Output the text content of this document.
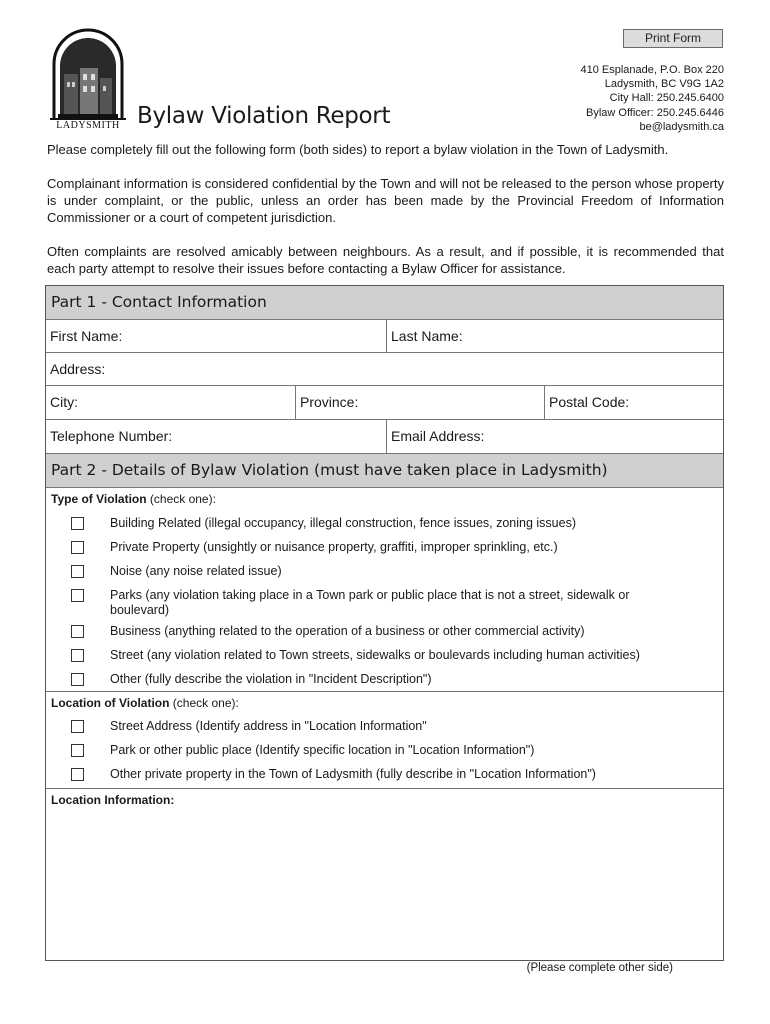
Print Form
LADYSMITH Bylaw Violation Report
410 Esplanade, P.O. Box 220
Ladysmith, BC V9G 1A2
City Hall: 250.245.6400
Bylaw Officer: 250.245.6446
be@ladysmith.ca

Please completely fill out the following form (both sides) to report a bylaw violation in the Town of Ladysmith.

Complainant information is considered confidential by the Town and will not be released to the person whose property is under complaint, or the public, unless an order has been made by the Provincial Freedom of Information Commissioner or a court of competent jurisdiction.

Often complaints are resolved amicably between neighbours. As a result, and if possible, it is recommended that each party attempt to resolve their issues before contacting a Bylaw Officer for assistance.

Part 1 - Contact Information
First Name:	Last Name:
Address:
City:	Province:	Postal Code:
Telephone Number:	Email Address:
Part 2 - Details of Bylaw Violation (must have taken place in Ladysmith)
Type of Violation (check one):
Building Related (illegal occupancy, illegal construction, fence issues, zoning issues)
Private Property (unsightly or nuisance property, graffiti, improper sprinkling, etc.)
Noise (any noise related issue)
Parks (any violation taking place in a Town park or public place that is not a street, sidewalk or boulevard)
Business (anything related to the operation of a business or other commercial activity)
Street (any violation related to Town streets, sidewalks or boulevards including human activities)
Other (fully describe the violation in "Incident Description")
Location of Violation (check one):
Street Address (Identify address in "Location Information"
Park or other public place (Identify specific location in "Location Information")
Other private property in the Town of Ladysmith (fully describe in "Location Information")
Location Information:
(Please complete other side)
